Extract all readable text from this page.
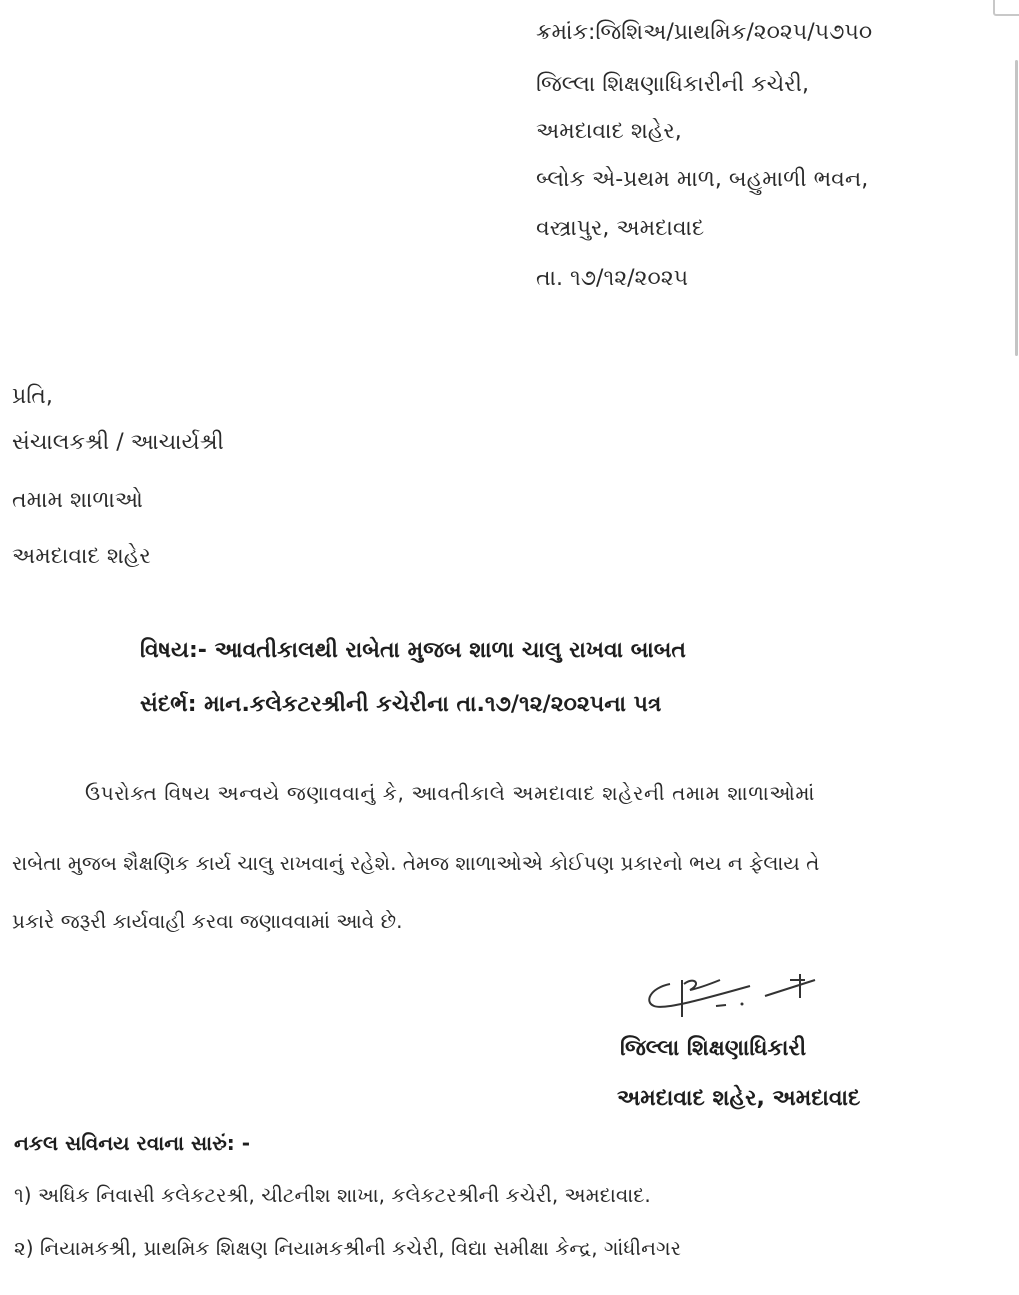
ક્રમાંક:જિશિઅ/પ્રાથમિક/૨૦૨૫/૫૭૫૦
જિલ્લા શિક્ષણાધિકારીની કચેરી,
અમદાવાદ શહેર,
બ્લોક એ-પ્રથમ માળ, બહુમાળી ભવન,
વસ્ત્રાપુર, અમદાવાદ
તા. ૧૭/૧૨/૨૦૨૫
પ્રતિ,
સંચાલકશ્રી / આચાર્યશ્રી
તમામ શાળાઓ
અમદાવાદ શહેર
વિષય:- આવતીકાલથી રાબેતા મુજબ શાળા ચાલુ રાખવા બાબત
સંદર્ભ: માન.કલેકટરશ્રીની કચેરીના તા.૧૭/૧૨/૨૦૨૫ના પત્ર
ઉપરોક્ત વિષય અન્વયે જણાવવાનું કે, આવતીકાલે અમદાવાદ શહેરની તમામ શાળાઓમાં
રાબેતા મુજબ શૈક્ષણિક કાર્ય ચાલુ રાખવાનું રહેશે. તેમજ શાળાઓએ કોઈપણ પ્રકારનો ભય ન ફેલાય તે
પ્રકારે જરૂરી કાર્યવાહી કરવા જણાવવામાં આવે છે.
જિલ્લા શિક્ષણાધિકારી
અમદાવાદ શહેર, અમદાવાદ
નકલ સવિનય રવાના સારું: -
૧) અધિક નિવાસી કલેકટરશ્રી, ચીટનીશ શાખા, કલેકટરશ્રીની કચેરી, અમદાવાદ.
૨) નિયામકશ્રી, પ્રાથમિક શિક્ષણ નિયામકશ્રીની કચેરી, વિદ્યા સમીક્ષા કેન્દ્ર, ગાંધીનગર
